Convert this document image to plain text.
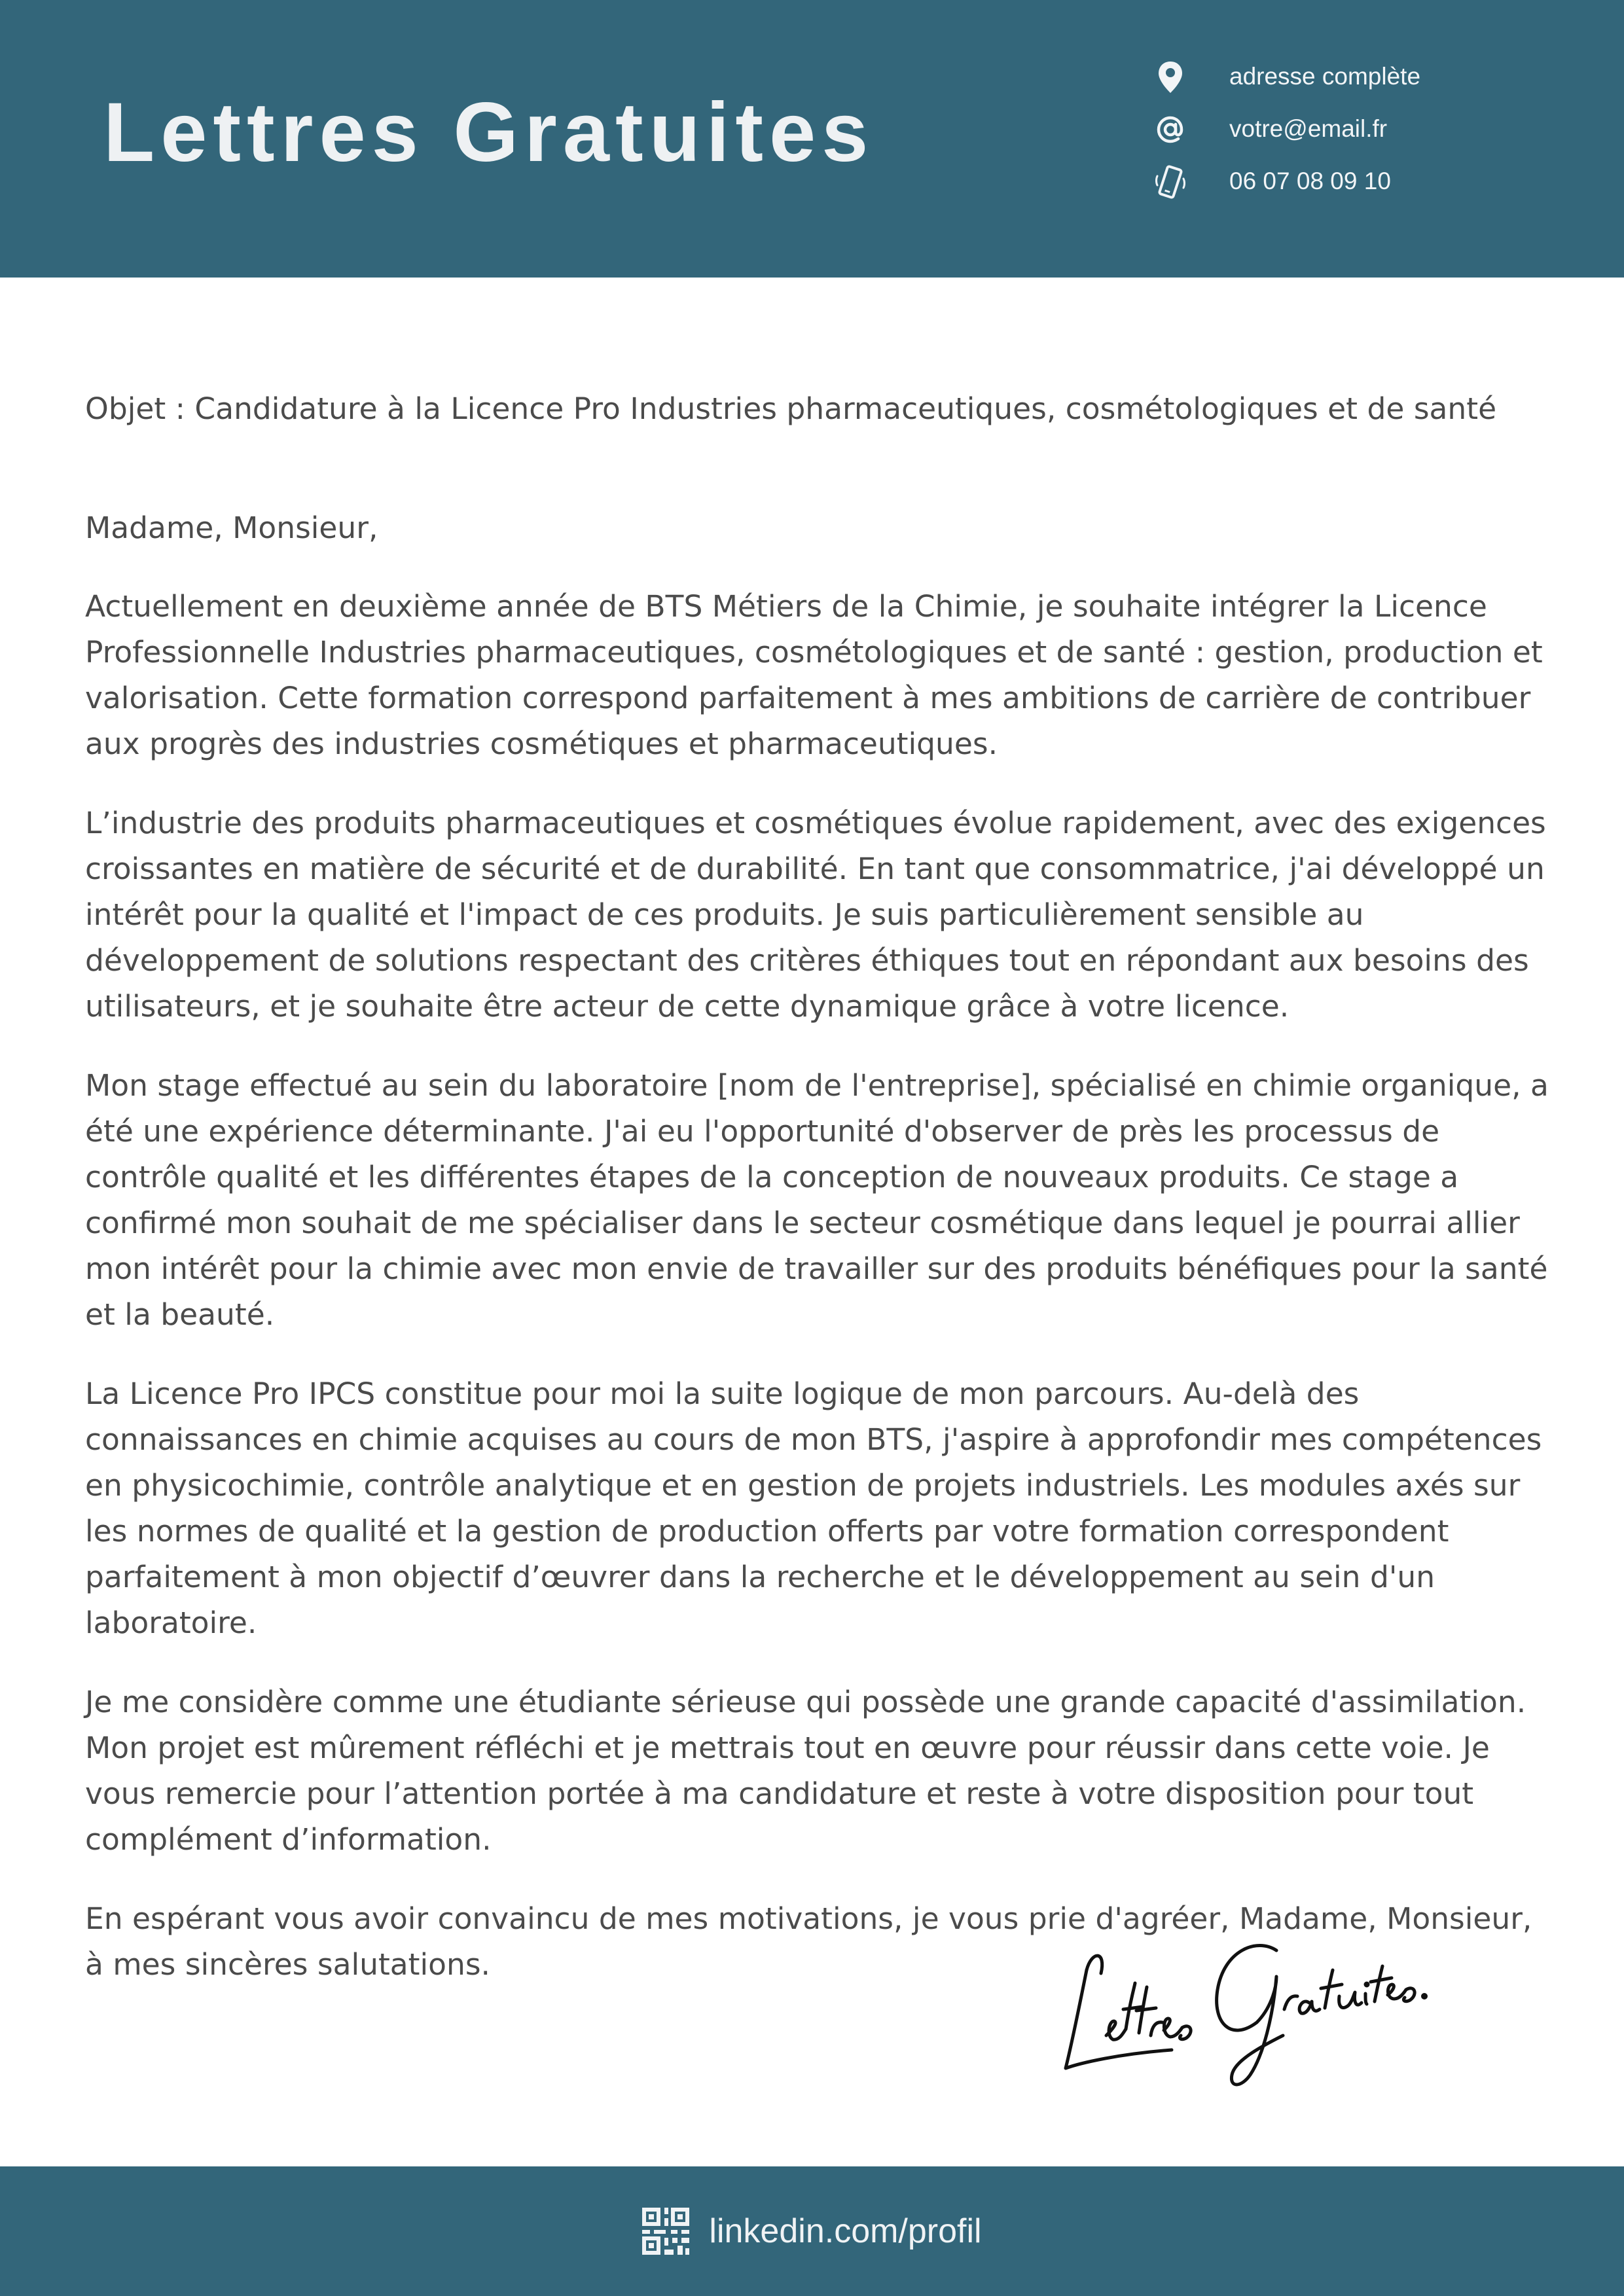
Lettres Gratuites
adresse complète
votre@email.fr
06 07 08 09 10

Objet : Candidature à la Licence Pro Industries pharmaceutiques, cosmétologiques et de santé

Madame, Monsieur,

Actuellement en deuxième année de BTS Métiers de la Chimie, je souhaite intégrer la Licence Professionnelle Industries pharmaceutiques, cosmétologiques et de santé : gestion, production et valorisation. Cette formation correspond parfaitement à mes ambitions de carrière de contribuer aux progrès des industries cosmétiques et pharmaceutiques.

L’industrie des produits pharmaceutiques et cosmétiques évolue rapidement, avec des exigences croissantes en matière de sécurité et de durabilité. En tant que consommatrice, j'ai développé un intérêt pour la qualité et l'impact de ces produits. Je suis particulièrement sensible au développement de solutions respectant des critères éthiques tout en répondant aux besoins des utilisateurs, et je souhaite être acteur de cette dynamique grâce à votre licence.

Mon stage effectué au sein du laboratoire [nom de l'entreprise], spécialisé en chimie organique, a été une expérience déterminante. J'ai eu l'opportunité d'observer de près les processus de contrôle qualité et les différentes étapes de la conception de nouveaux produits. Ce stage a confirmé mon souhait de me spécialiser dans le secteur cosmétique dans lequel je pourrai allier mon intérêt pour la chimie avec mon envie de travailler sur des produits bénéfiques pour la santé et la beauté.

La Licence Pro IPCS constitue pour moi la suite logique de mon parcours. Au-delà des connaissances en chimie acquises au cours de mon BTS, j'aspire à approfondir mes compétences en physicochimie, contrôle analytique et en gestion de projets industriels. Les modules axés sur les normes de qualité et la gestion de production offerts par votre formation correspondent parfaitement à mon objectif d’œuvrer dans la recherche et le développement au sein d'un laboratoire.

Je me considère comme une étudiante sérieuse qui possède une grande capacité d'assimilation. Mon projet est mûrement réfléchi et je mettrais tout en œuvre pour réussir dans cette voie. Je vous remercie pour l’attention portée à ma candidature et reste à votre disposition pour tout complément d’information.

En espérant vous avoir convaincu de mes motivations, je vous prie d'agréer, Madame, Monsieur, à mes sincères salutations.

linkedin.com/profil
